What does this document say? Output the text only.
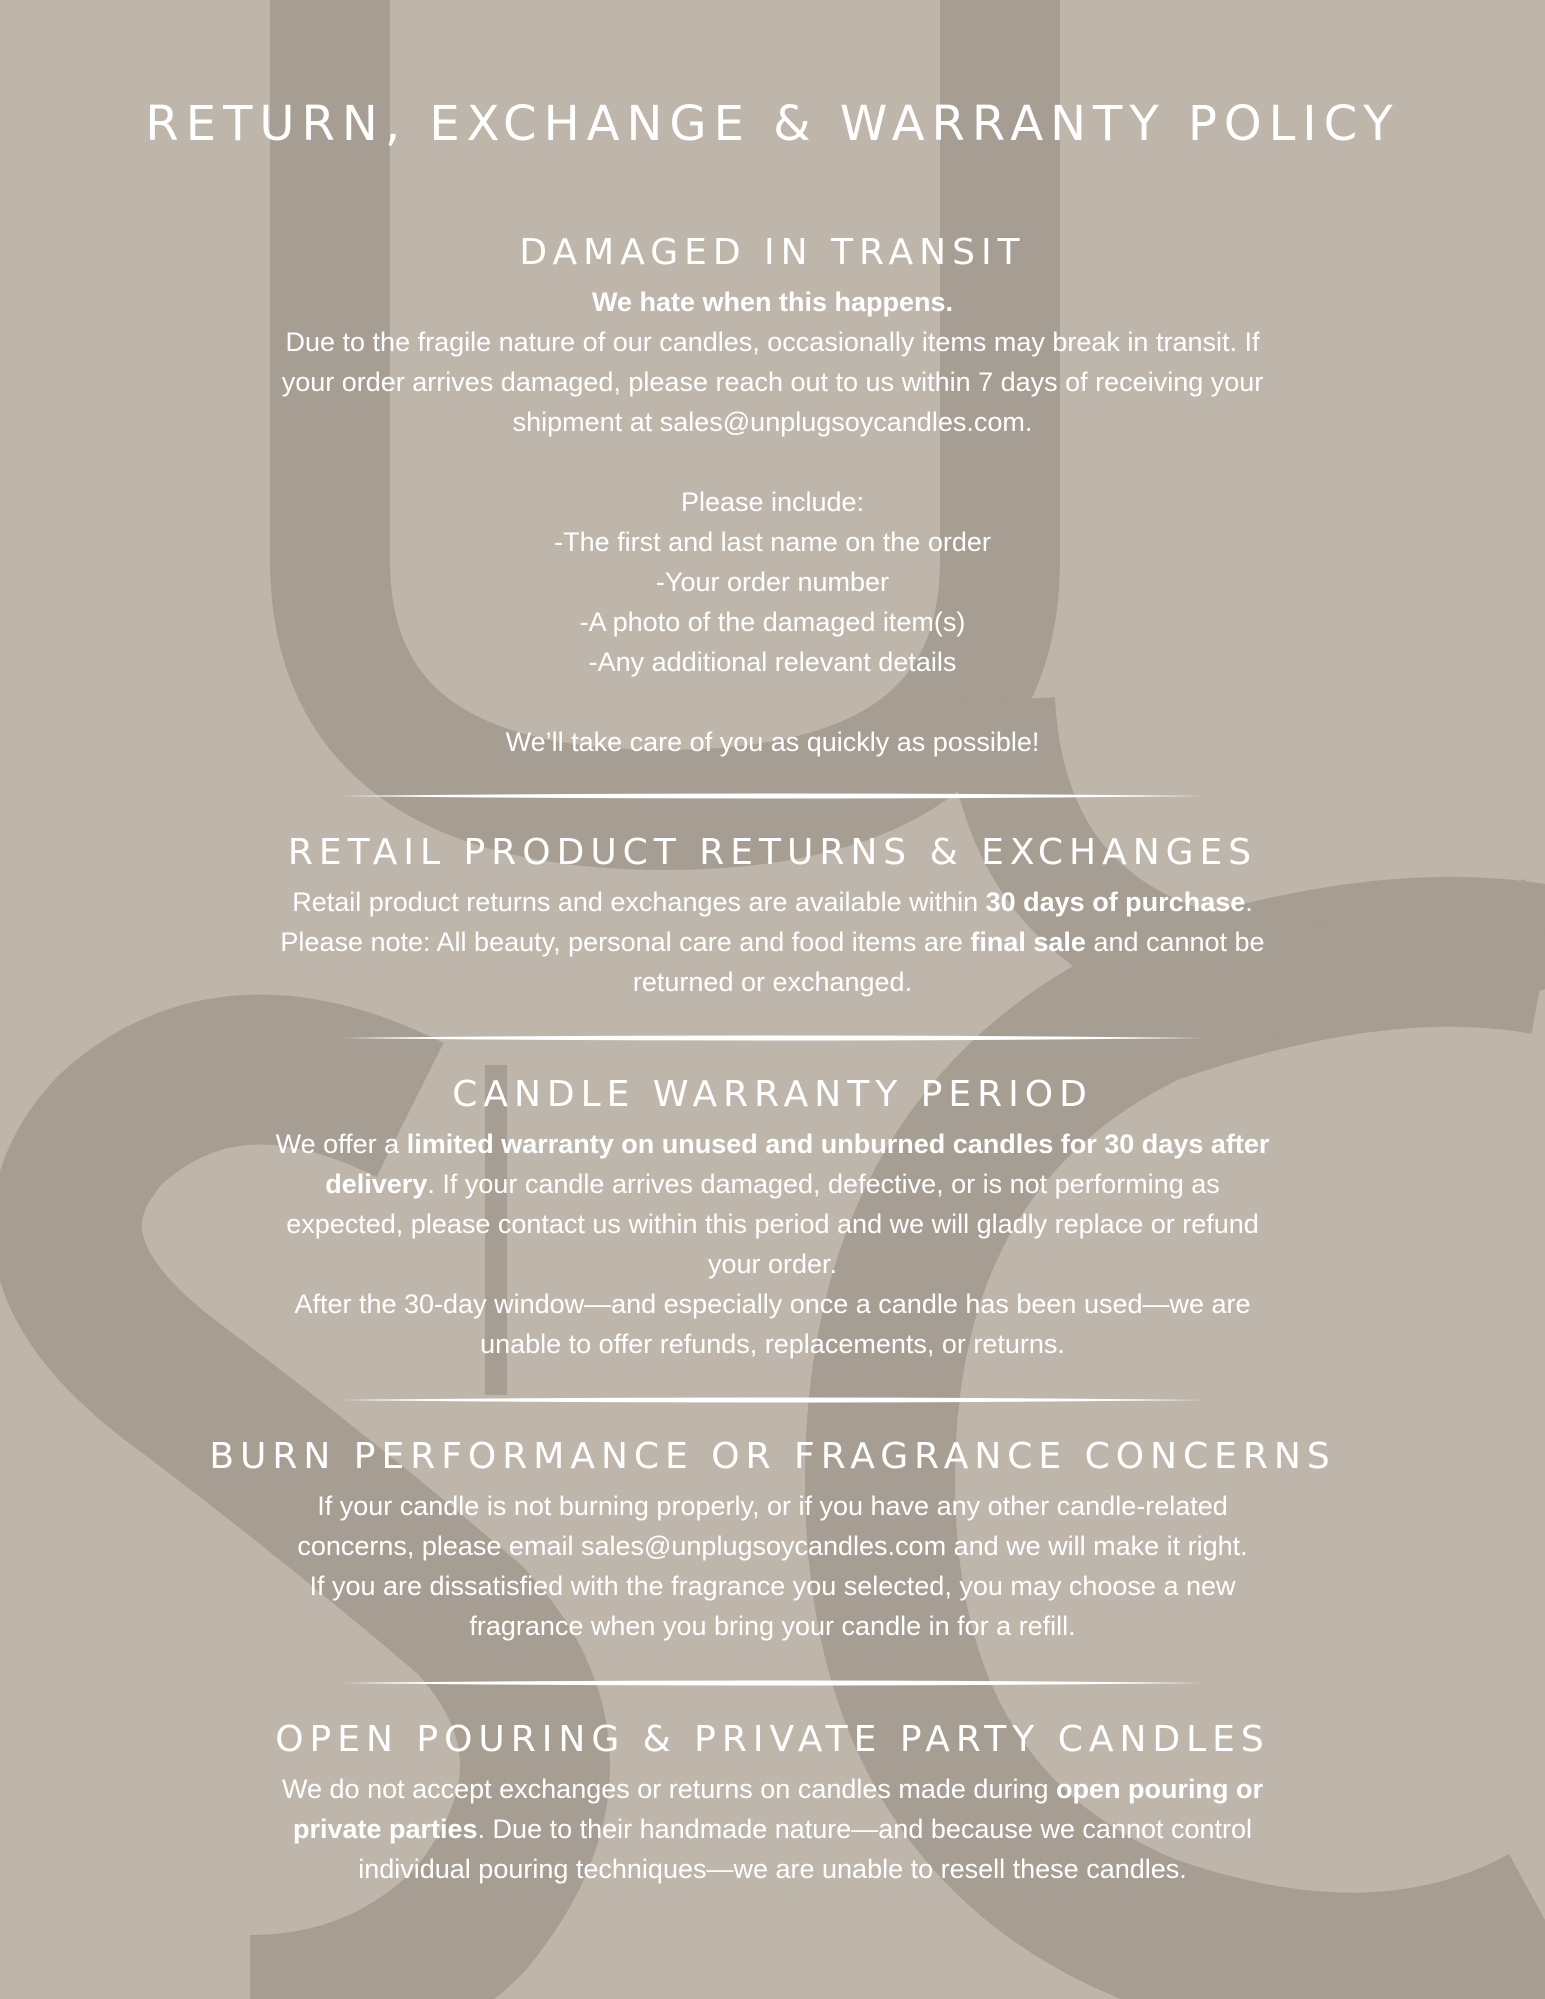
RETURN, EXCHANGE & WARRANTY POLICY
DAMAGED IN TRANSIT
We hate when this happens.
Due to the fragile nature of our candles, occasionally items may break in transit. If
your order arrives damaged, please reach out to us within 7 days of receiving your
shipment at sales@unplugsoycandles.com.
Please include:
-The first and last name on the order
-Your order number
-A photo of the damaged item(s)
-Any additional relevant details
We’ll take care of you as quickly as possible!
RETAIL PRODUCT RETURNS & EXCHANGES
Retail product returns and exchanges are available within 30 days of purchase.
Please note: All beauty, personal care and food items are final sale and cannot be
returned or exchanged.
CANDLE WARRANTY PERIOD
We offer a limited warranty on unused and unburned candles for 30 days after
delivery. If your candle arrives damaged, defective, or is not performing as
expected, please contact us within this period and we will gladly replace or refund
your order.
After the 30-day window—and especially once a candle has been used—we are
unable to offer refunds, replacements, or returns.
BURN PERFORMANCE OR FRAGRANCE CONCERNS
If your candle is not burning properly, or if you have any other candle-related
concerns, please email sales@unplugsoycandles.com and we will make it right.
If you are dissatisfied with the fragrance you selected, you may choose a new
fragrance when you bring your candle in for a refill.
OPEN POURING & PRIVATE PARTY CANDLES
We do not accept exchanges or returns on candles made during open pouring or
private parties. Due to their handmade nature—and because we cannot control
individual pouring techniques—we are unable to resell these candles.
